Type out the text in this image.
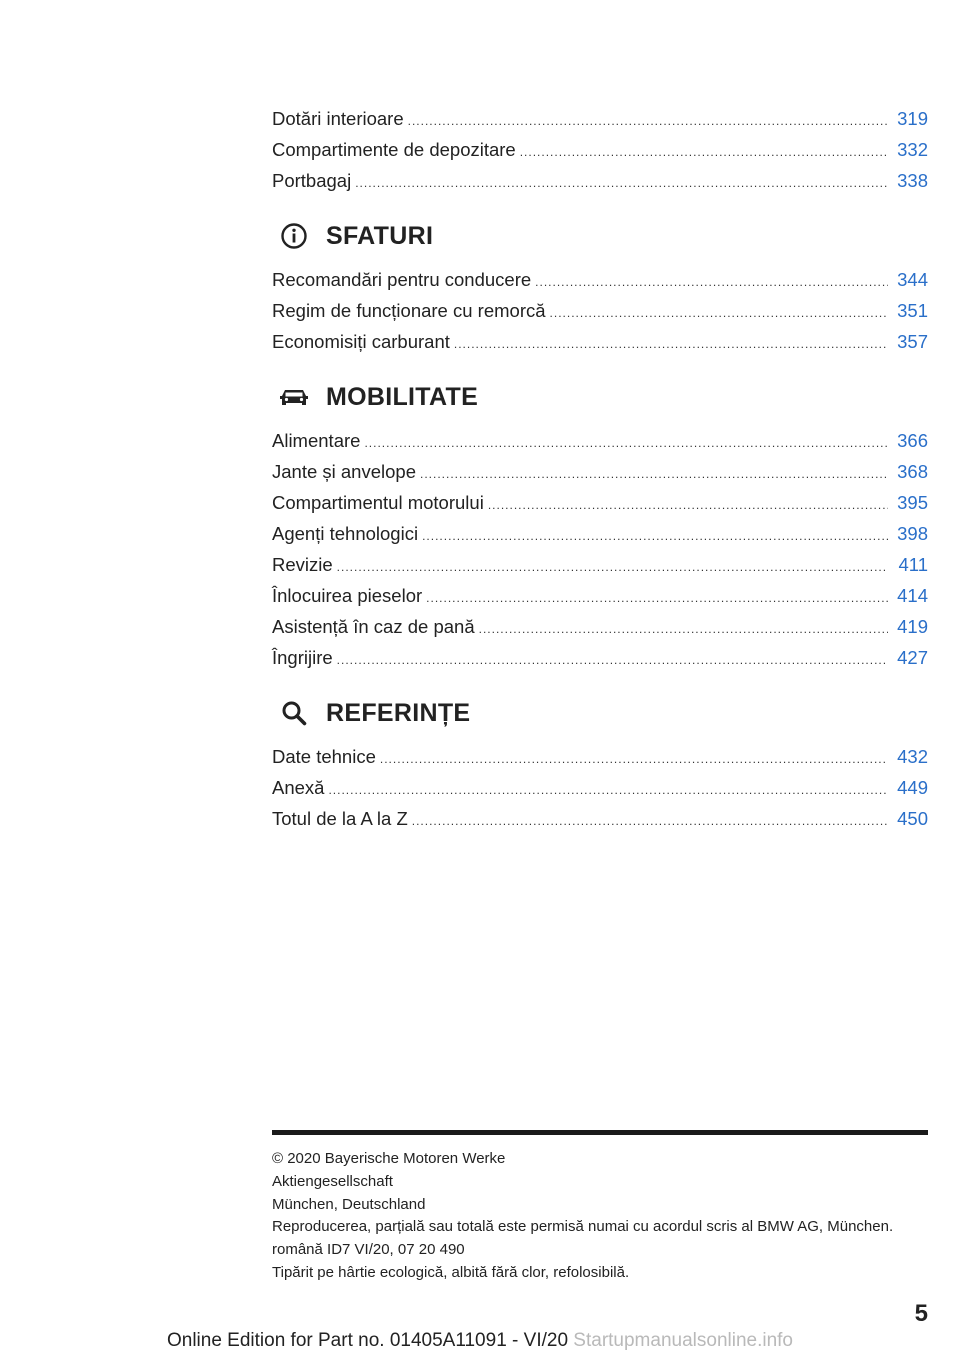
Dotări interioare .....	319
Compartimente de depozitare .....	332
Portbagaj .....	338
SFATURI
Recomandări pentru conducere .....	344
Regim de funcționare cu remorcă .....	351
Economisiți carburant .....	357
MOBILITATE
Alimentare .....	366
Jante și anvelope .....	368
Compartimentul motorului .....	395
Agenți tehnologici .....	398
Revizie .....	411
Înlocuirea pieselor .....	414
Asistență în caz de pană .....	419
Îngrijire .....	427
REFERINȚE
Date tehnice .....	432
Anexă .....	449
Totul de la A la Z .....	450
© 2020 Bayerische Motoren Werke
Aktiengesellschaft
München, Deutschland
Reproducerea, parțială sau totală este permisă numai cu acordul scris al BMW AG, München.
română ID7 VI/20, 07 20 490
Tipărit pe hârtie ecologică, albită fără clor, refolosibilă.
5
Online Edition for Part no. 01405A11091 - VI/20 Startupmanualsonline.info
